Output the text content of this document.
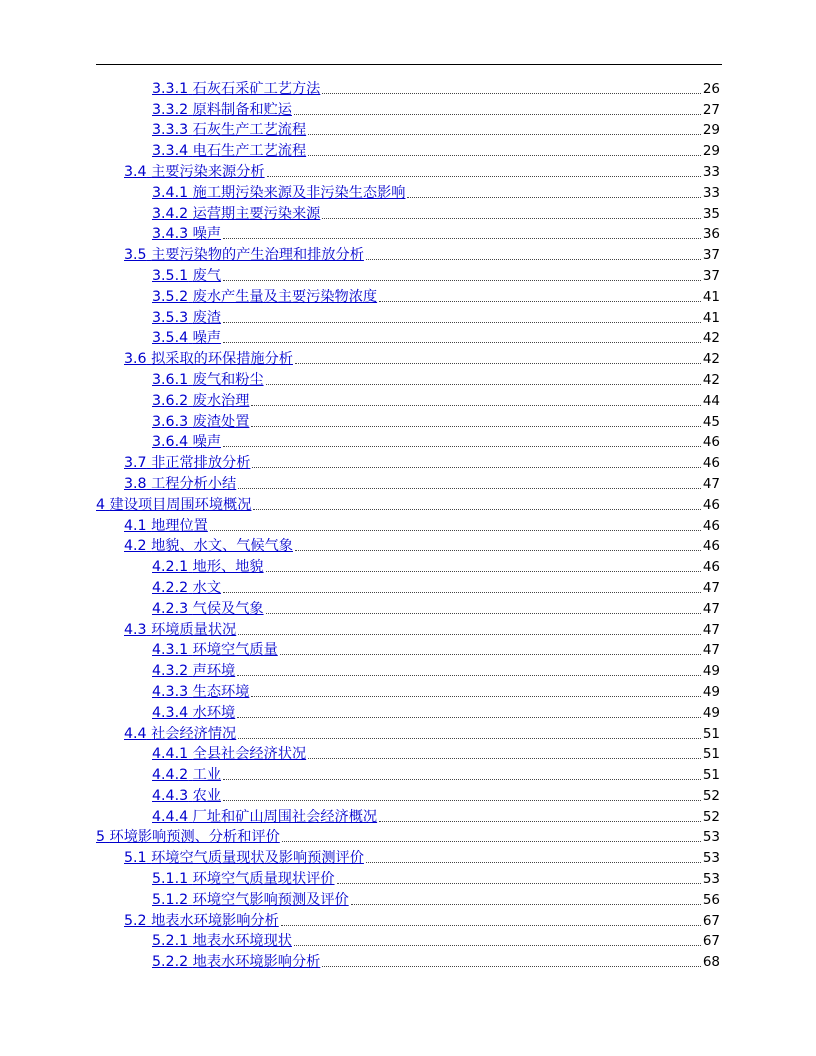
3.3.1 石灰石采矿工艺方法	26
3.3.2 原料制备和贮运	27
3.3.3 石灰生产工艺流程	29
3.3.4 电石生产工艺流程	29
3.4 主要污染来源分析	33
3.4.1 施工期污染来源及非污染生态影响	33
3.4.2 运营期主要污染来源	35
3.4.3 噪声	36
3.5 主要污染物的产生治理和排放分析	37
3.5.1 废气	37
3.5.2 废水产生量及主要污染物浓度	41
3.5.3 废渣	41
3.5.4 噪声	42
3.6 拟采取的环保措施分析	42
3.6.1 废气和粉尘	42
3.6.2 废水治理	44
3.6.3 废渣处置	45
3.6.4 噪声	46
3.7 非正常排放分析	46
3.8 工程分析小结	47
4 建设项目周围环境概况	46
4.1 地理位置	46
4.2 地貌、水文、气候气象	46
4.2.1 地形、地貌	46
4.2.2 水文	47
4.2.3 气侯及气象	47
4.3 环境质量状况	47
4.3.1 环境空气质量	47
4.3.2 声环境	49
4.3.3 生态环境	49
4.3.4 水环境	49
4.4 社会经济情况	51
4.4.1 全县社会经济状况	51
4.4.2 工业	51
4.4.3 农业	52
4.4.4 厂址和矿山周围社会经济概况	52
5 环境影响预测、分析和评价	53
5.1 环境空气质量现状及影响预测评价	53
5.1.1 环境空气质量现状评价	53
5.1.2 环境空气影响预测及评价	56
5.2 地表水环境影响分析	67
5.2.1 地表水环境现状	67
5.2.2 地表水环境影响分析	68
